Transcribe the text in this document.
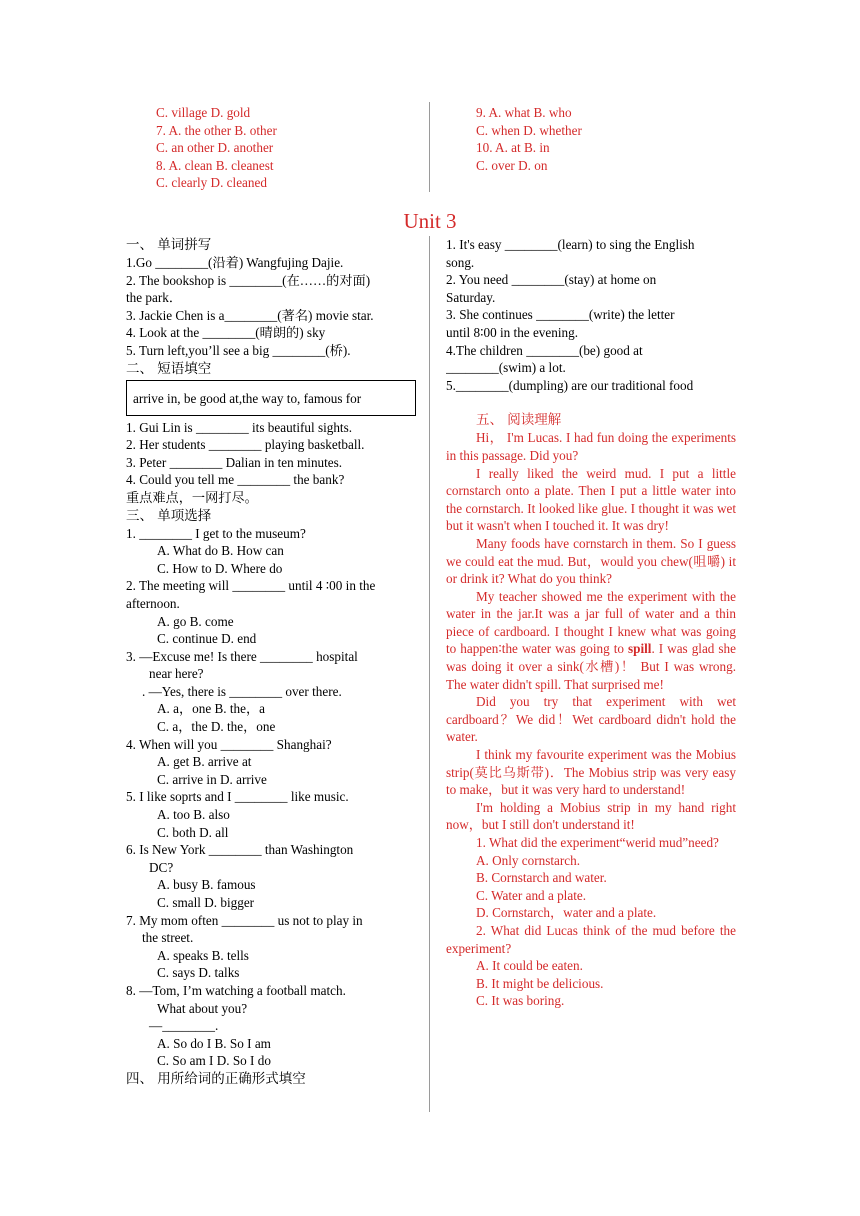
C. village D. gold
7. A. the other B. other
C. an other D. another
8. A. clean B. cleanest
C. clearly D. cleaned
9. A. what B. who
C. when D. whether
10. A. at B. in
C. over D. on
Unit 3
一、 单词拼写
1.Go ________(沿着) Wangfujing Dajie.
2. The bookshop is ________(在……的对面)
the park．
3. Jackie Chen is a________(著名) movie star.
4. Look at the ________(晴朗的) sky
5. Turn left,you’ll see a big ________(桥).
二、 短语填空
arrive in, be good at,the way to, famous for
1. Gui Lin is ________ its beautiful sights.
2. Her students ________ playing basketball.
3. Peter ________ Dalian in ten minutes.
4. Could you tell me ________ the bank?
重点难点，一网打尽。
三、 单项选择
1. ________ I get to the museum?
A. What do B. How can
C. How to D. Where do
2. The meeting will ________ until 4 ∶00 in the
afternoon.
A. go B. come
C. continue D. end
3. —Excuse me! Is there ________ hospital
near here?
. —Yes, there is ________ over there.
A. a，one B. the，a
C. a，the D. the，one
4. When will you ________ Shanghai?
A. get B. arrive at
C. arrive in D. arrive
5. I like soprts and I ________ like music.
A. too B. also
C. both D. all
6. Is New York ________ than Washington
DC?
A. busy B. famous
C. small D. bigger
7. My mom often ________ us not to play in
the street.
A. speaks B. tells
C. says D. talks
8. —Tom, I’m watching a football match.
What about you?
—________.
A. So do I B. So I am
C. So am I D. So I do
四、 用所给词的正确形式填空
1. It's easy ________(learn) to sing the English
song.
2. You need ________(stay) at home on
Saturday.
3. She continues ________(write) the letter
until 8∶00 in the evening.
4.The children ________(be) good at
________(swim) a lot.
5.________(dumpling) are our traditional food
五、 阅读理解

Hi， I'm Lucas. I had fun doing the experiments in this passage. Did you?

I really liked the weird mud. I put a little cornstarch onto a plate. Then I put a little water into the cornstarch. It looked like glue. I thought it was wet but it wasn't when I touched it. It was dry!

Many foods have cornstarch in them. So I guess we could eat the mud. But，would you chew(咀嚼) it or drink it? What do you think?

My teacher showed me the experiment with the water in the jar.It was a jar full of water and a thin piece of cardboard. I thought I knew what was going to happen∶the water was going to spill. I was glad she was doing it over a sink(水槽)！ But I was wrong. The water didn't spill. That surprised me!

Did you try that experiment with wet cardboard？We did！Wet cardboard didn't hold the water.

I think my favourite experiment was the Mobius strip(莫比乌斯带)．The Mobius strip was very easy to make，but it was very hard to understand!

I'm holding a Mobius strip in my hand right now，but I still don't understand it!

1. What did the experiment“werid mud”need?

A. Only cornstarch.
B. Cornstarch and water.
C. Water and a plate.
D. Cornstarch，water and a plate.

2. What did Lucas think of the mud before the experiment?

A. It could be eaten.
B. It might be delicious.
C. It was boring.
